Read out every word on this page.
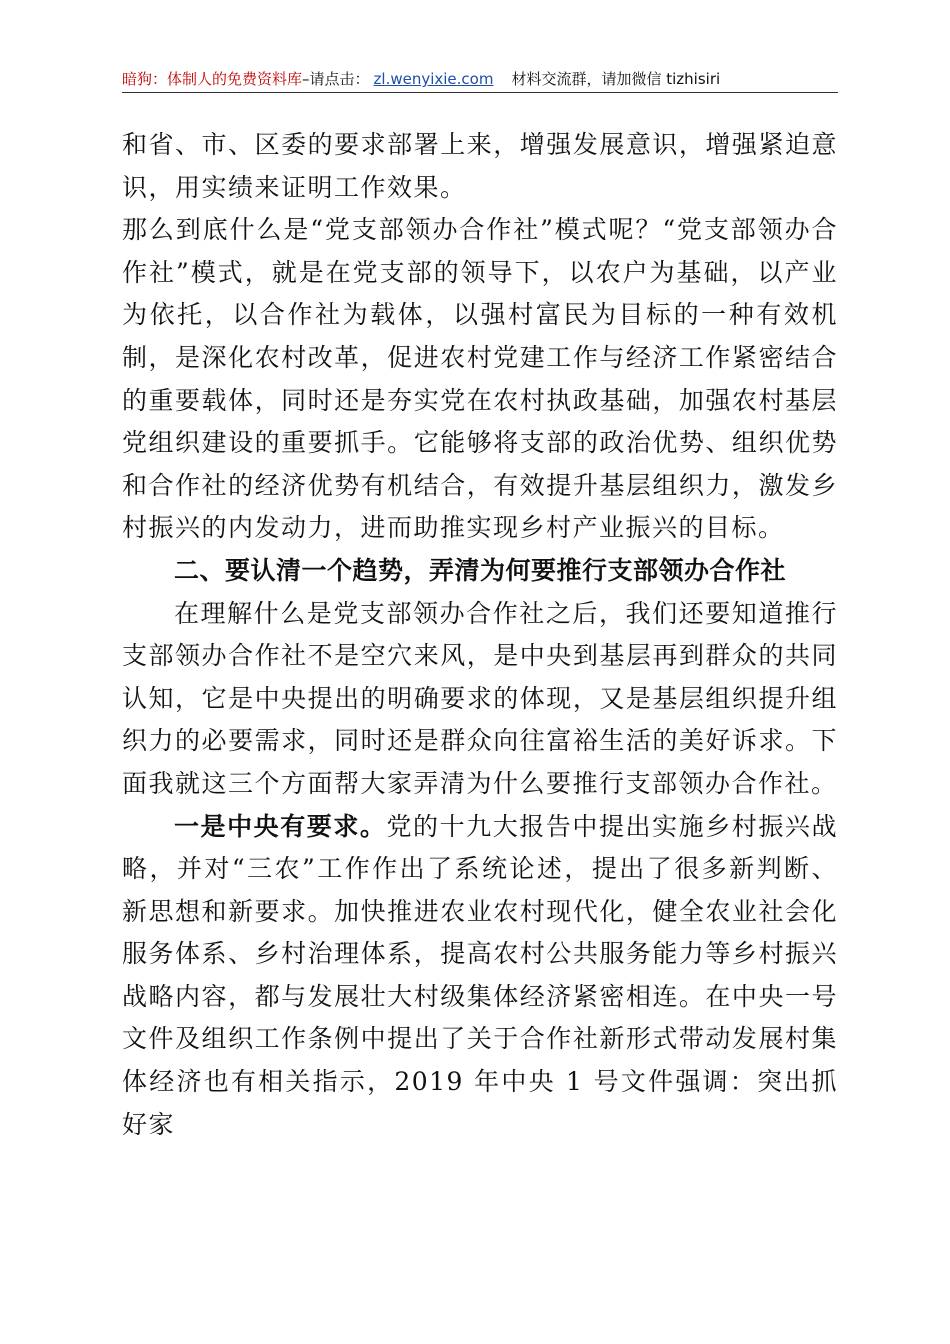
暗狗：体制人的免费资料库–请点击： zl.wenyixie.com 材料交流群，请加微信 tizhisiri

和省、市、区委的要求部署上来，增强发展意识，增强紧迫意识，用实绩来证明工作效果。

那么到底什么是“党支部领办合作社”模式呢？“党支部领办合作社”模式，就是在党支部的领导下，以农户为基础，以产业为依托，以合作社为载体，以强村富民为目标的一种有效机制，是深化农村改革，促进农村党建工作与经济工作紧密结合的重要载体，同时还是夯实党在农村执政基础，加强农村基层党组织建设的重要抓手。它能够将支部的政治优势、组织优势和合作社的经济优势有机结合，有效提升基层组织力，激发乡村振兴的内发动力，进而助推实现乡村产业振兴的目标。

二、要认清一个趋势，弄清为何要推行支部领办合作社

在理解什么是党支部领办合作社之后，我们还要知道推行支部领办合作社不是空穴来风，是中央到基层再到群众的共同认知，它是中央提出的明确要求的体现，又是基层组织提升组织力的必要需求，同时还是群众向往富裕生活的美好诉求。下面我就这三个方面帮大家弄清为什么要推行支部领办合作社。

一是中央有要求。党的十九大报告中提出实施乡村振兴战略，并对“三农”工作作出了系统论述，提出了很多新判断、新思想和新要求。加快推进农业农村现代化，健全农业社会化服务体系、乡村治理体系，提高农村公共服务能力等乡村振兴战略内容，都与发展壮大村级集体经济紧密相连。在中央一号文件及组织工作条例中提出了关于合作社新形式带动发展村集体经济也有相关指示，2019 年中央 1 号文件强调：突出抓好家
